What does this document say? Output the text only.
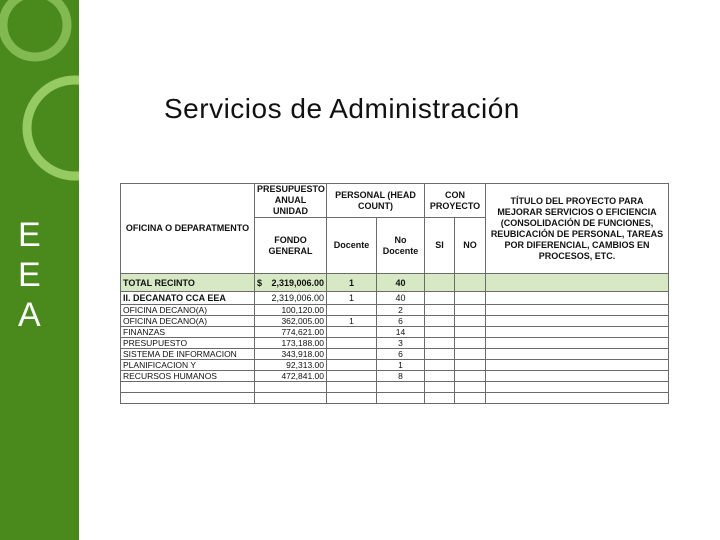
E
E
A
Servicios de Administración
OFICINA O DEPARATMENTO	PRESUPUESTO ANUAL UNIDAD	PERSONAL (HEAD COUNT)		CON PROYECTO		TÍTULO DEL PROYECTO PARA MEJORAR SERVICIOS O EFICIENCIA (CONSOLIDACIÓN DE FUNCIONES, REUBICACIÓN DE PERSONAL, TAREAS POR DIFERENCIAL, CAMBIOS EN PROCESOS, ETC.
	FONDO GENERAL	Docente	No Docente	SI	NO	
TOTAL RECINTO	$ 2,319,006.00	1	40			
II. DECANATO CCA EEA	2,319,006.00	1	40			
OFICINA DECANO(A)	100,120.00		2			
OFICINA DECANO(A)	362,005.00	1	6			
FINANZAS	774,621.00		14			
PRESUPUESTO	173,188.00		3			
SISTEMA DE INFORMACION	343,918.00		6			
PLANIFICACION Y	92,313.00		1			
RECURSOS HUMANOS	472,841.00		8			
